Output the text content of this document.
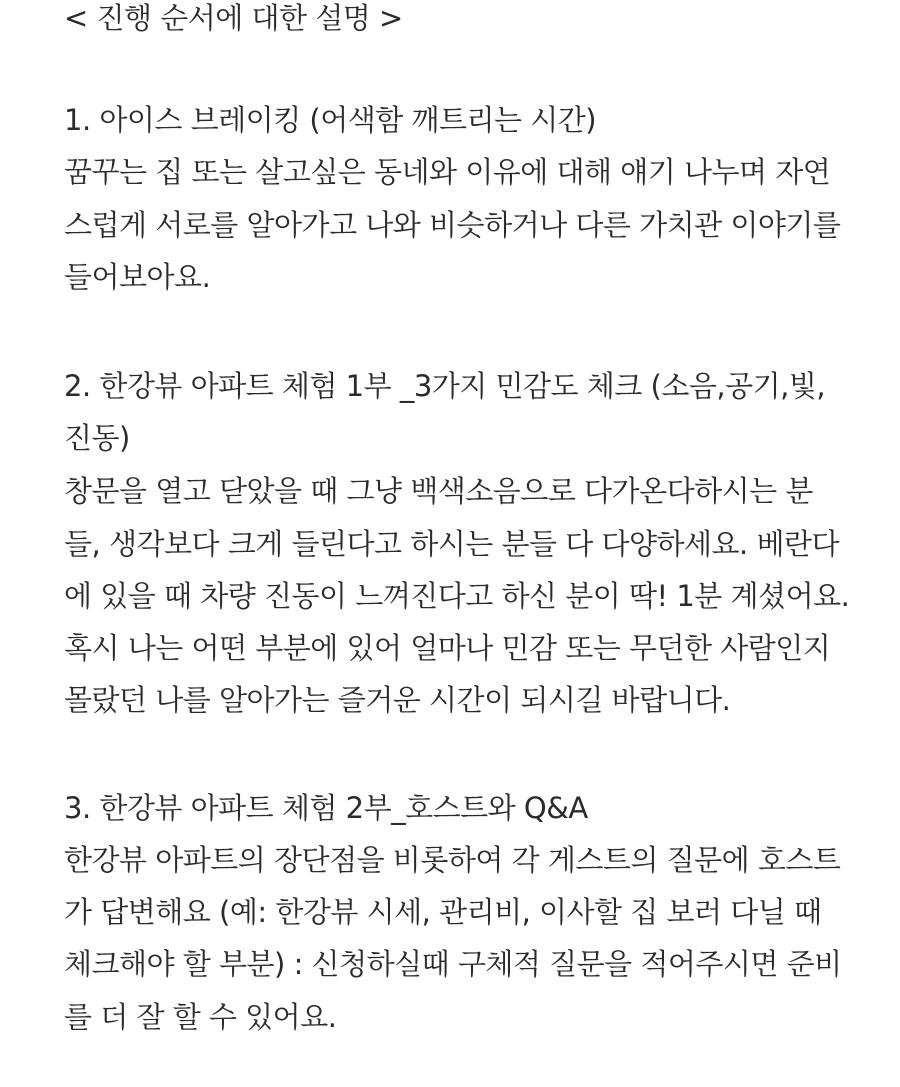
< 진행 순서에 대한 설명 >
1. 아이스 브레이킹 (어색함 깨트리는 시간)
꿈꾸는 집 또는 살고싶은 동네와 이유에 대해 얘기 나누며 자연
스럽게 서로를 알아가고 나와 비슷하거나 다른 가치관 이야기를
들어보아요.
2. 한강뷰 아파트 체험 1부 _3가지 민감도 체크 (소음,공기,빛,
진동)
창문을 열고 닫았을 때 그냥 백색소음으로 다가온다하시는 분
들, 생각보다 크게 들린다고 하시는 분들 다 다양하세요. 베란다
에 있을 때 차량 진동이 느껴진다고 하신 분이 딱! 1분 계셨어요.
혹시 나는 어떤 부분에 있어 얼마나 민감 또는 무던한 사람인지
몰랐던 나를 알아가는 즐거운 시간이 되시길 바랍니다.
3. 한강뷰 아파트 체험 2부_호스트와 Q&A
한강뷰 아파트의 장단점을 비롯하여 각 게스트의 질문에 호스트
가 답변해요 (예: 한강뷰 시세, 관리비, 이사할 집 보러 다닐 때
체크해야 할 부분) : 신청하실때 구체적 질문을 적어주시면 준비
를 더 잘 할 수 있어요.
